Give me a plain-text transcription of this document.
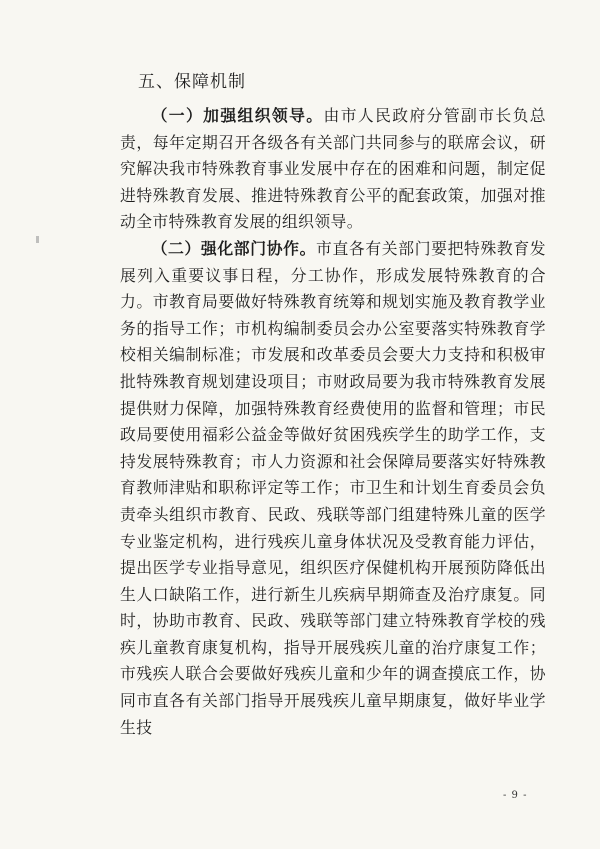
五、保障机制

（一）加强组织领导。由市人民政府分管副市长负总责，每年定期召开各级各有关部门共同参与的联席会议，研究解决我市特殊教育事业发展中存在的困难和问题，制定促进特殊教育发展、推进特殊教育公平的配套政策，加强对推动全市特殊教育发展的组织领导。

（二）强化部门协作。市直各有关部门要把特殊教育发展列入重要议事日程，分工协作，形成发展特殊教育的合力。市教育局要做好特殊教育统筹和规划实施及教育教学业务的指导工作；市机构编制委员会办公室要落实特殊教育学校相关编制标准；市发展和改革委员会要大力支持和积极审批特殊教育规划建设项目；市财政局要为我市特殊教育发展提供财力保障，加强特殊教育经费使用的监督和管理；市民政局要使用福彩公益金等做好贫困残疾学生的助学工作，支持发展特殊教育；市人力资源和社会保障局要落实好特殊教育教师津贴和职称评定等工作；市卫生和计划生育委员会负责牵头组织市教育、民政、残联等部门组建特殊儿童的医学专业鉴定机构，进行残疾儿童身体状况及受教育能力评估，提出医学专业指导意见，组织医疗保健机构开展预防降低出生人口缺陷工作，进行新生儿疾病早期筛查及治疗康复。同时，协助市教育、民政、残联等部门建立特殊教育学校的残疾儿童教育康复机构，指导开展残疾儿童的治疗康复工作；市残疾人联合会要做好残疾儿童和少年的调查摸底工作，协同市直各有关部门指导开展残疾儿童早期康复，做好毕业学生技

- 9 -
